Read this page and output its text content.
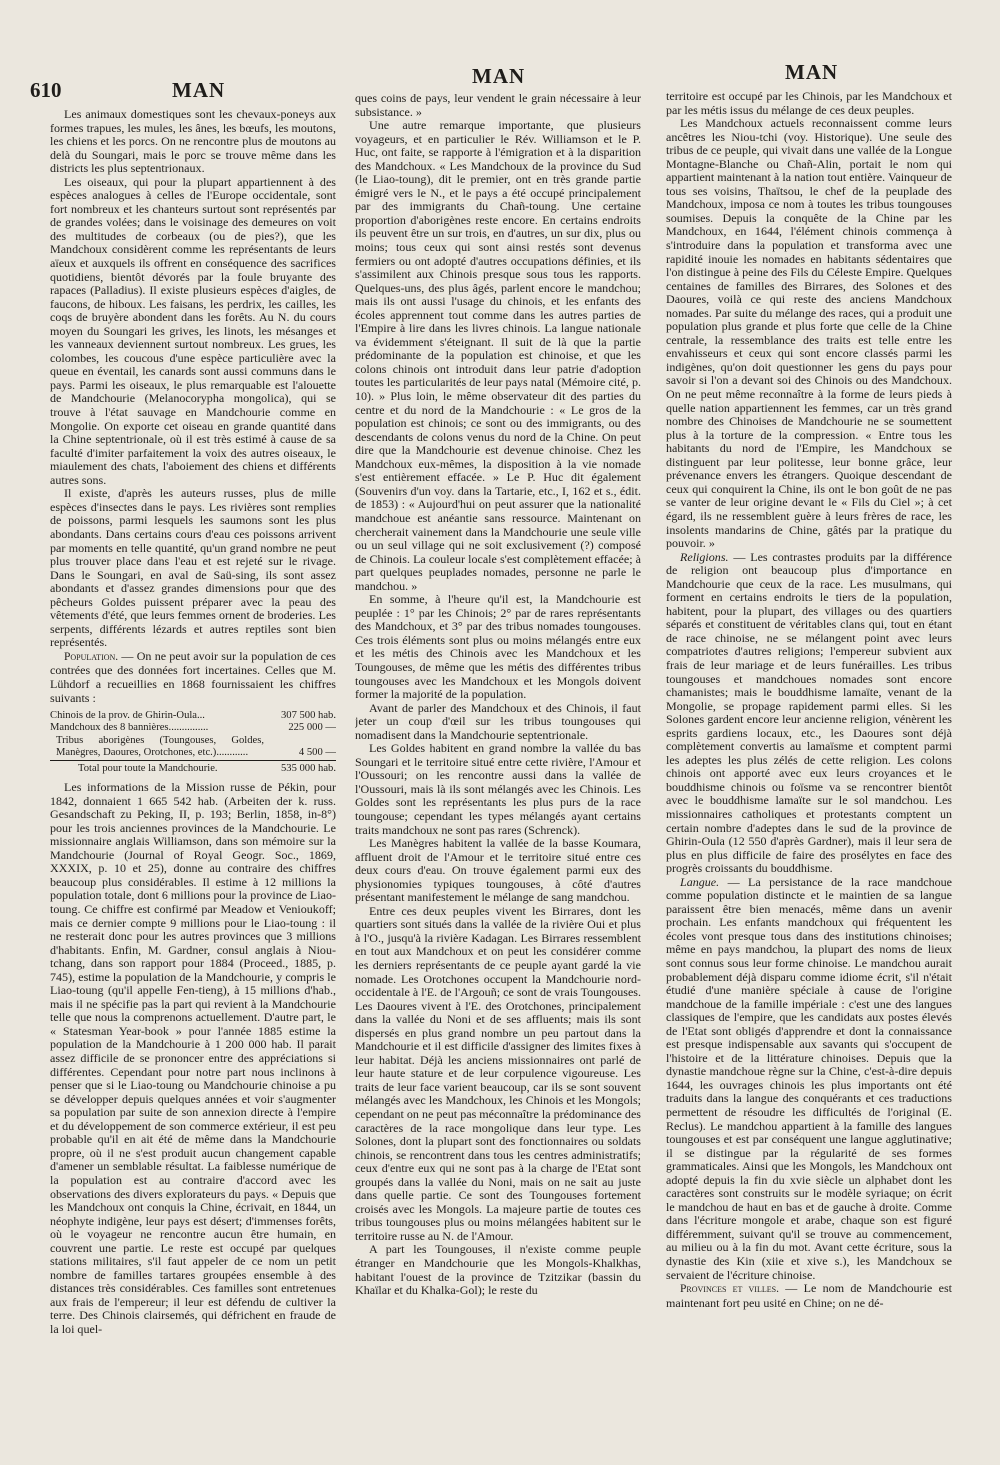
610	MAN
MAN	MAN

Les animaux domestiques sont les chevaux-poneys aux formes trapues, les mules, les ânes, les bœufs, les moutons, les chiens et les porcs. On ne rencontre plus de moutons au delà du Soungari, mais le porc se trouve même dans les districts les plus septentrionaux.

Les oiseaux, qui pour la plupart appartiennent à des espèces analogues à celles de l'Europe occidentale, sont fort nombreux et les chanteurs surtout sont représentés par de grandes volées; dans le voisinage des demeures on voit des multitudes de corbeaux (ou de pies?), que les Mandchoux considèrent comme les représentants de leurs aïeux et auxquels ils offrent en conséquence des sacrifices quotidiens, bientôt dévorés par la foule bruyante des rapaces (Palladius). Il existe plusieurs espèces d'aigles, de faucons, de hiboux. Les faisans, les perdrix, les cailles, les coqs de bruyère abondent dans les forêts. Au N. du cours moyen du Soungari les grives, les linots, les mésanges et les vanneaux deviennent surtout nombreux. Les grues, les colombes, les coucous d'une espèce particulière avec la queue en éventail, les canards sont aussi communs dans le pays. Parmi les oiseaux, le plus remarquable est l'alouette de Mandchourie (Melanocorypha mongolica), qui se trouve à l'état sauvage en Mandchourie comme en Mongolie. On exporte cet oiseau en grande quantité dans la Chine septentrionale, où il est très estimé à cause de sa faculté d'imiter parfaitement la voix des autres oiseaux, le miaulement des chats, l'aboiement des chiens et différents autres sons.

Il existe, d'après les auteurs russes, plus de mille espèces d'insectes dans le pays. Les rivières sont remplies de poissons, parmi lesquels les saumons sont les plus abondants. Dans certains cours d'eau ces poissons arrivent par moments en telle quantité, qu'un grand nombre ne peut plus trouver place dans l'eau et est rejeté sur le rivage. Dans le Soungari, en aval de Saü-sing, ils sont assez abondants et d'assez grandes dimensions pour que des pêcheurs Goldes puissent préparer avec la peau des vêtements d'été, que leurs femmes ornent de broderies. Les serpents, différents lézards et autres reptiles sont bien représentés.

Population. — On ne peut avoir sur la population de ces contrées que des données fort incertaines. Celles que M. Lühdorf a recueillies en 1868 fournissaient les chiffres suivants :

Chinois de la prov. de Ghirin-Oula...	307 500 hab.
Mandchoux des 8 bannières...............	225 000 —
Tribus aborigènes (Toungouses, Goldes, Manègres, Daoures, Orotchones, etc.)............	4 500 —
Total pour toute la Mandchourie.	535 000 hab.

Les informations de la Mission russe de Pékin, pour 1842, donnaient 1 665 542 hab. (Arbeiten der k. russ. Gesandschaft zu Peking, II, p. 193; Berlin, 1858, in-8°) pour les trois anciennes provinces de la Mandchourie. Le missionnaire anglais Williamson, dans son mémoire sur la Mandchourie (Journal of Royal Geogr. Soc., 1869, XXXIX, p. 10 et 25), donne au contraire des chiffres beaucoup plus considérables. Il estime à 12 millions la population totale, dont 6 millions pour la province de Liao-toung. Ce chiffre est confirmé par Meadow et Venioukoff; mais ce dernier compte 9 millions pour le Liao-toung : il ne resterait donc pour les autres provinces que 3 millions d'habitants. Enfin, M. Gardner, consul anglais à Niou-tchang, dans son rapport pour 1884 (Proceed., 1885, p. 745), estime la population de la Mandchourie, y compris le Liao-toung (qu'il appelle Fen-tieng), à 15 millions d'hab., mais il ne spécifie pas la part qui revient à la Mandchourie telle que nous la comprenons actuellement. D'autre part, le « Statesman Year-book » pour l'année 1885 estime la population de la Mandchourie à 1 200 000 hab. Il parait assez difficile de se prononcer entre des appréciations si différentes. Cependant pour notre part nous inclinons à penser que si le Liao-toung ou Mandchourie chinoise a pu se développer depuis quelques années et voir s'augmenter sa population par suite de son annexion directe à l'empire et du développement de son commerce extérieur, il est peu probable qu'il en ait été de même dans la Mandchourie propre, où il ne s'est produit aucun changement capable d'amener un semblable résultat. La faiblesse numérique de la population est au contraire d'accord avec les observations des divers explorateurs du pays. « Depuis que les Mandchoux ont conquis la Chine, écrivait, en 1844, un néophyte indigène, leur pays est désert; d'immenses forêts, où le voyageur ne rencontre aucun être humain, en couvrent une partie. Le reste est occupé par quelques stations militaires, s'il faut appeler de ce nom un petit nombre de familles tartares groupées ensemble à des distances très considérables. Ces familles sont entretenues aux frais de l'empereur; il leur est défendu de cultiver la terre. Des Chinois clairsemés, qui défrichent en fraude de la loi quel-

ques coins de pays, leur vendent le grain nécessaire à leur subsistance. »

Une autre remarque importante, que plusieurs voyageurs, et en particulier le Rév. Williamson et le P. Huc, ont faite, se rapporte à l'émigration et à la disparition des Mandchoux. « Les Mandchoux de la province du Sud (le Liao-toung), dit le premier, ont en très grande partie émigré vers le N., et le pays a été occupé principalement par des immigrants du Chañ-toung. Une certaine proportion d'aborigènes reste encore. En certains endroits ils peuvent être un sur trois, en d'autres, un sur dix, plus ou moins; tous ceux qui sont ainsi restés sont devenus fermiers ou ont adopté d'autres occupations définies, et ils s'assimilent aux Chinois presque sous tous les rapports. Quelques-uns, des plus âgés, parlent encore le mandchou; mais ils ont aussi l'usage du chinois, et les enfants des écoles apprennent tout comme dans les autres parties de l'Empire à lire dans les livres chinois. La langue nationale va évidemment s'éteignant. Il suit de là que la partie prédominante de la population est chinoise, et que les colons chinois ont introduit dans leur patrie d'adoption toutes les particularités de leur pays natal (Mémoire cité, p. 10). » Plus loin, le même observateur dit des parties du centre et du nord de la Mandchourie : « Le gros de la population est chinois; ce sont ou des immigrants, ou des descendants de colons venus du nord de la Chine. On peut dire que la Mandchourie est devenue chinoise. Chez les Mandchoux eux-mêmes, la disposition à la vie nomade s'est entièrement effacée. » Le P. Huc dit également (Souvenirs d'un voy. dans la Tartarie, etc., I, 162 et s., édit. de 1853) : « Aujourd'hui on peut assurer que la nationalité mandchoue est anéantie sans ressource. Maintenant on chercherait vainement dans la Mandchourie une seule ville ou un seul village qui ne soit exclusivement (?) composé de Chinois. La couleur locale s'est complètement effacée; à part quelques peuplades nomades, personne ne parle le mandchou. »

En somme, à l'heure qu'il est, la Mandchourie est peuplée : 1° par les Chinois; 2° par de rares représentants des Mandchoux, et 3° par des tribus nomades toungouses. Ces trois éléments sont plus ou moins mélangés entre eux et les métis des Chinois avec les Mandchoux et les Toungouses, de même que les métis des différentes tribus toungouses avec les Mandchoux et les Mongols doivent former la majorité de la population.

Avant de parler des Mandchoux et des Chinois, il faut jeter un coup d'œil sur les tribus toungouses qui nomadisent dans la Mandchourie septentrionale.

Les Goldes habitent en grand nombre la vallée du bas Soungari et le territoire situé entre cette rivière, l'Amour et l'Oussouri; on les rencontre aussi dans la vallée de l'Oussouri, mais là ils sont mélangés avec les Chinois. Les Goldes sont les représentants les plus purs de la race toungouse; cependant les types mélangés ayant certains traits mandchoux ne sont pas rares (Schrenck).

Les Manègres habitent la vallée de la basse Koumara, affluent droit de l'Amour et le territoire situé entre ces deux cours d'eau. On trouve également parmi eux des physionomies typiques toungouses, à côté d'autres présentant manifestement le mélange de sang mandchou.

Entre ces deux peuples vivent les Birrares, dont les quartiers sont situés dans la vallée de la rivière Oui et plus à l'O., jusqu'à la rivière Kadagan. Les Birrares ressemblent en tout aux Mandchoux et on peut les considérer comme les derniers représentants de ce peuple ayant gardé la vie nomade. Les Orotchones occupent la Mandchourie nord-occidentale à l'E. de l'Argouñ; ce sont de vrais Toungouses. Les Daoures vivent à l'E. des Orotchones, principalement dans la vallée du Noni et de ses affluents; mais ils sont dispersés en plus grand nombre un peu partout dans la Mandchourie et il est difficile d'assigner des limites fixes à leur habitat. Déjà les anciens missionnaires ont parlé de leur haute stature et de leur corpulence vigoureuse. Les traits de leur face varient beaucoup, car ils se sont souvent mélangés avec les Mandchoux, les Chinois et les Mongols; cependant on ne peut pas méconnaître la prédominance des caractères de la race mongolique dans leur type. Les Solones, dont la plupart sont des fonctionnaires ou soldats chinois, se rencontrent dans tous les centres administratifs; ceux d'entre eux qui ne sont pas à la charge de l'Etat sont groupés dans la vallée du Noni, mais on ne sait au juste dans quelle partie. Ce sont des Toungouses fortement croisés avec les Mongols. La majeure partie de toutes ces tribus toungouses plus ou moins mélangées habitent sur le territoire russe au N. de l'Amour.

A part les Toungouses, il n'existe comme peuple étranger en Mandchourie que les Mongols-Khalkhas, habitant l'ouest de la province de Tzitzikar (bassin du Khaïlar et du Khalka-Gol); le reste du

territoire est occupé par les Chinois, par les Mandchoux et par les métis issus du mélange de ces deux peuples.

Les Mandchoux actuels reconnaissent comme leurs ancêtres les Niou-tchi (voy. Historique). Une seule des tribus de ce peuple, qui vivait dans une vallée de la Longue Montagne-Blanche ou Chañ-Alin, portait le nom qui appartient maintenant à la nation tout entière. Vainqueur de tous ses voisins, Thaïtsou, le chef de la peuplade des Mandchoux, imposa ce nom à toutes les tribus toungouses soumises. Depuis la conquête de la Chine par les Mandchoux, en 1644, l'élément chinois commença à s'introduire dans la population et transforma avec une rapidité inouie les nomades en habitants sédentaires que l'on distingue à peine des Fils du Céleste Empire. Quelques centaines de familles des Birrares, des Solones et des Daoures, voilà ce qui reste des anciens Mandchoux nomades. Par suite du mélange des races, qui a produit une population plus grande et plus forte que celle de la Chine centrale, la ressemblance des traits est telle entre les envahisseurs et ceux qui sont encore classés parmi les indigènes, qu'on doit questionner les gens du pays pour savoir si l'on a devant soi des Chinois ou des Mandchoux. On ne peut même reconnaître à la forme de leurs pieds à quelle nation appartiennent les femmes, car un très grand nombre des Chinoises de Mandchourie ne se soumettent plus à la torture de la compression. « Entre tous les habitants du nord de l'Empire, les Mandchoux se distinguent par leur politesse, leur bonne grâce, leur prévenance envers les étrangers. Quoique descendant de ceux qui conquirent la Chine, ils ont le bon goût de ne pas se vanter de leur origine devant le « Fils du Ciel »; à cet égard, ils ne ressemblent guère à leurs frères de race, les insolents mandarins de Chine, gâtés par la pratique du pouvoir. »

Religions. — Les contrastes produits par la différence de religion ont beaucoup plus d'importance en Mandchourie que ceux de la race. Les musulmans, qui forment en certains endroits le tiers de la population, habitent, pour la plupart, des villages ou des quartiers séparés et constituent de véritables clans qui, tout en étant de race chinoise, ne se mélangent point avec leurs compatriotes d'autres religions; l'empereur subvient aux frais de leur mariage et de leurs funérailles. Les tribus toungouses et mandchoues nomades sont encore chamanistes; mais le bouddhisme lamaïte, venant de la Mongolie, se propage rapidement parmi elles. Si les Solones gardent encore leur ancienne religion, vénèrent les esprits gardiens locaux, etc., les Daoures sont déjà complètement convertis au lamaïsme et comptent parmi les adeptes les plus zélés de cette religion. Les colons chinois ont apporté avec eux leurs croyances et le bouddhisme chinois ou foïsme va se rencontrer bientôt avec le bouddhisme lamaïte sur le sol mandchou. Les missionnaires catholiques et protestants comptent un certain nombre d'adeptes dans le sud de la province de Ghirin-Oula (12 550 d'après Gardner), mais il leur sera de plus en plus difficile de faire des prosélytes en face des progrès croissants du bouddhisme.

Langue. — La persistance de la race mandchoue comme population distincte et le maintien de sa langue paraissent être bien menacés, même dans un avenir prochain. Les enfants mandchoux qui fréquentent les écoles vont presque tous dans des institutions chinoises; même en pays mandchou, la plupart des noms de lieux sont connus sous leur forme chinoise. Le mandchou aurait probablement déjà disparu comme idiome écrit, s'il n'était étudié d'une manière spéciale à cause de l'origine mandchoue de la famille impériale : c'est une des langues classiques de l'empire, que les candidats aux postes élevés de l'Etat sont obligés d'apprendre et dont la connaissance est presque indispensable aux savants qui s'occupent de l'histoire et de la littérature chinoises. Depuis que la dynastie mandchoue règne sur la Chine, c'est-à-dire depuis 1644, les ouvrages chinois les plus importants ont été traduits dans la langue des conquérants et ces traductions permettent de résoudre les difficultés de l'original (E. Reclus). Le mandchou appartient à la famille des langues toungouses et est par conséquent une langue agglutinative; il se distingue par la régularité de ses formes grammaticales. Ainsi que les Mongols, les Mandchoux ont adopté depuis la fin du xvie siècle un alphabet dont les caractères sont construits sur le modèle syriaque; on écrit le mandchou de haut en bas et de gauche à droite. Comme dans l'écriture mongole et arabe, chaque son est figuré différemment, suivant qu'il se trouve au commencement, au milieu ou à la fin du mot. Avant cette écriture, sous la dynastie des Kin (xiie et xive s.), les Mandchoux se servaient de l'écriture chinoise.

Provinces et villes. — Le nom de Mandchourie est maintenant fort peu usité en Chine; on ne dé-
